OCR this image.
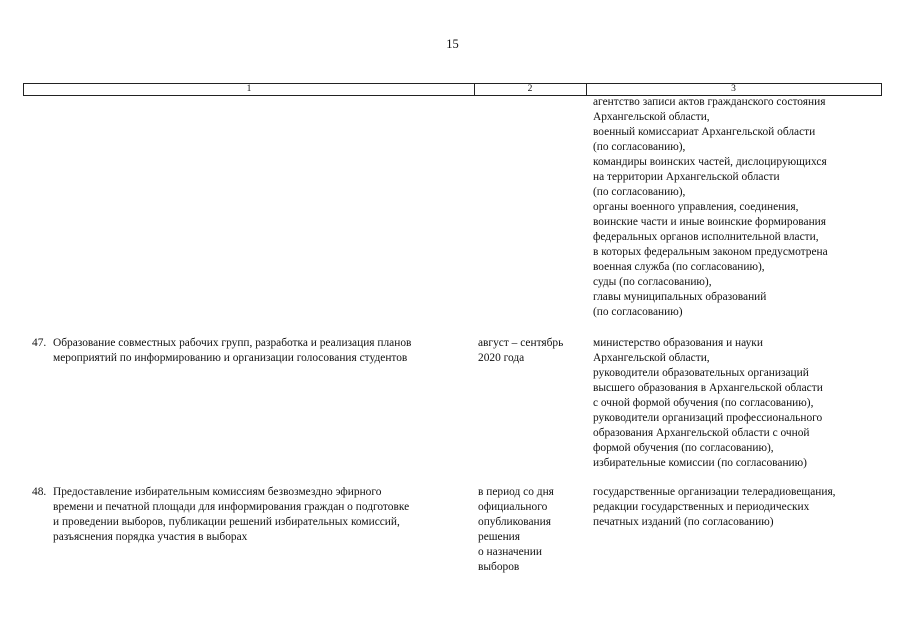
15
1	2	3
агентство записи актов гражданского состояния
Архангельской области,
военный комиссариат Архангельской области
(по согласованию),
командиры воинских частей, дислоцирующихся
на территории Архангельской области
(по согласованию),
органы военного управления, соединения,
воинские части и иные воинские формирования
федеральных органов исполнительной власти,
в которых федеральным законом предусмотрена
военная служба (по согласованию),
суды (по согласованию),
главы муниципальных образований
(по согласованию)
47. Образование совместных рабочих групп, разработка и реализация планов
мероприятий по информированию и организации голосования студентов
август – сентябрь
2020 года
министерство образования и науки
Архангельской области,
руководители образовательных организаций
высшего образования в Архангельской области
с очной формой обучения (по согласованию),
руководители организаций профессионального
образования Архангельской области с очной
формой обучения (по согласованию),
избирательные комиссии (по согласованию)
48. Предоставление избирательным комиссиям безвозмездно эфирного
времени и печатной площади для информирования граждан о подготовке
и проведении выборов, публикации решений избирательных комиссий,
разъяснения порядка участия в выборах
в период со дня
официального
опубликования
решения
о назначении
выборов
государственные организации телерадиовещания,
редакции государственных и периодических
печатных изданий (по согласованию)
